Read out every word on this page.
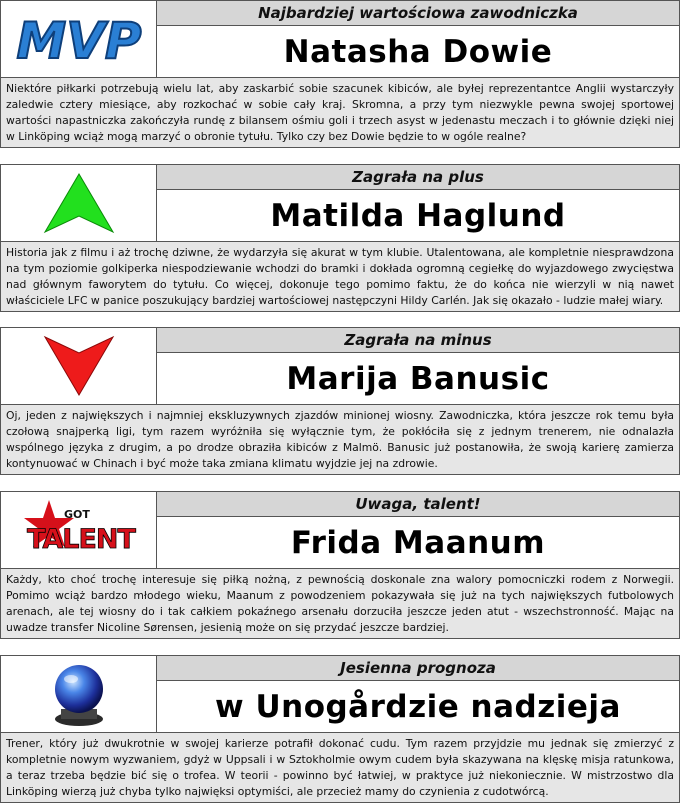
MVP	Najbardziej wartościowa zawodniczka
Natasha Dowie
Niektóre piłkarki potrzebują wielu lat, aby zaskarbić sobie szacunek kibiców, ale byłej reprezentantce Anglii wystarczyły zaledwie cztery miesiące, aby rozkochać w sobie cały kraj. Skromna, a przy tym niezwykle pewna swojej sportowej wartości napastniczka zakończyła rundę z bilansem ośmiu goli i trzech asyst w jedenastu meczach i to głównie dzięki niej w Linköping wciąż mogą marzyć o obronie tytułu. Tylko czy bez Dowie będzie to w ogóle realne?
Zagrała na plus
Matilda Haglund
Historia jak z filmu i aż trochę dziwne, że wydarzyła się akurat w tym klubie. Utalentowana, ale kompletnie niesprawdzona na tym poziomie golkiperka niespodziewanie wchodzi do bramki i dokłada ogromną cegiełkę do wyjazdowego zwycięstwa nad głównym faworytem do tytułu. Co więcej, dokonuje tego pomimo faktu, że do końca nie wierzyli w nią nawet właściciele LFC w panice poszukujący bardziej wartościowej następczyni Hildy Carlén. Jak się okazało - ludzie małej wiary.
Zagrała na minus
Marija Banusic
Oj, jeden z największych i najmniej ekskluzywnych zjazdów minionej wiosny. Zawodniczka, która jeszcze rok temu była czołową snajperką ligi, tym razem wyróżniła się wyłącznie tym, że pokłóciła się z jednym trenerem, nie odnalazła wspólnego języka z drugim, a po drodze obraziła kibiców z Malmö. Banusic już postanowiła, że swoją karierę zamierza kontynuować w Chinach i być może taka zmiana klimatu wyjdzie jej na zdrowie.
GOT
TALENT
Uwaga, talent!
Frida Maanum
Każdy, kto choć trochę interesuje się piłką nożną, z pewnością doskonale zna walory pomocniczki rodem z Norwegii. Pomimo wciąż bardzo młodego wieku, Maanum z powodzeniem pokazywała się już na tych największych futbolowych arenach, ale tej wiosny do i tak całkiem pokaźnego arsenału dorzuciła jeszcze jeden atut - wszechstronność. Mając na uwadze transfer Nicoline Sørensen, jesienią może on się przydać jeszcze bardziej.
Jesienna prognoza
w Unogårdzie nadzieja
Trener, który już dwukrotnie w swojej karierze potrafił dokonać cudu. Tym razem przyjdzie mu jednak się zmierzyć z kompletnie nowym wyzwaniem, gdyż w Uppsali i w Sztokholmie owym cudem była skazywana na klęskę misja ratunkowa, a teraz trzeba będzie bić się o trofea. W teorii - powinno być łatwiej, w praktyce już niekoniecznie. W mistrzostwo dla Linköping wierzą już chyba tylko najwięksi optymiści, ale przecież mamy do czynienia z cudotwórcą.
